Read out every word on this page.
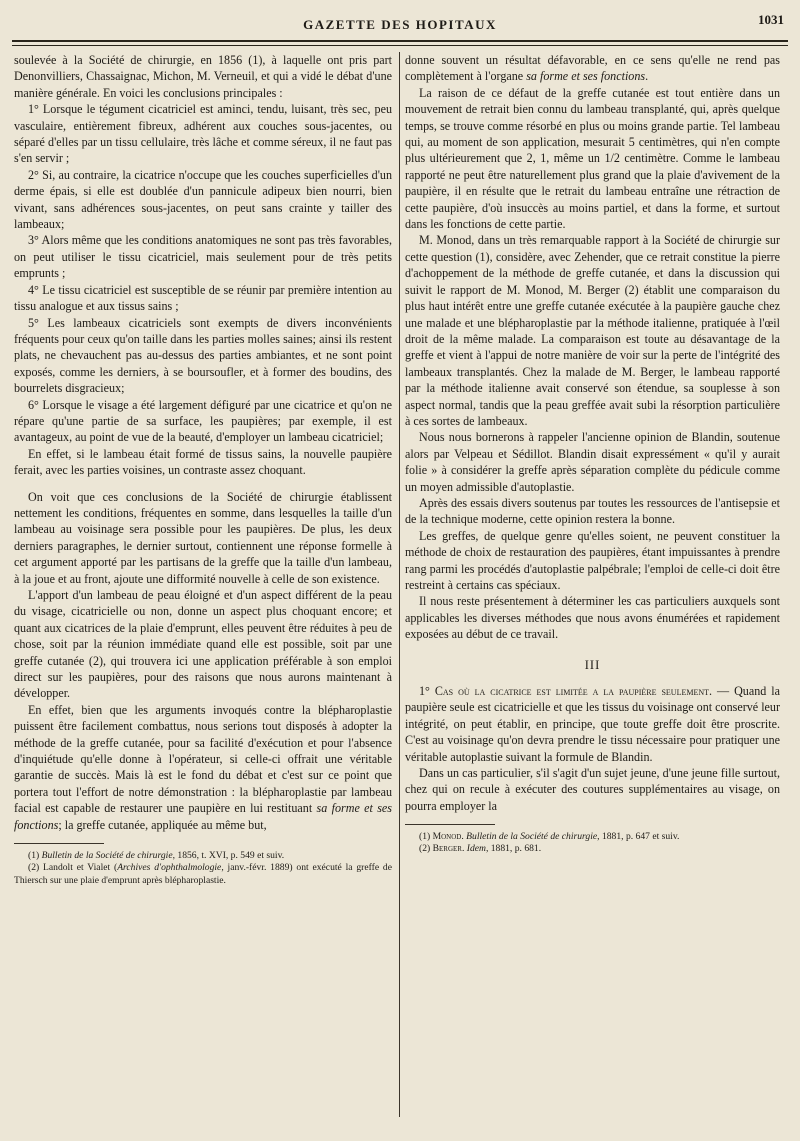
GAZETTE DES HOPITAUX	1031

soulevée à la Société de chirurgie, en 1856 (1), à laquelle ont pris part Denonvilliers, Chassaignac, Michon, M. Verneuil, et qui a vidé le débat d'une manière générale. En voici les conclusions principales :

1° Lorsque le tégument cicatriciel est aminci, tendu, luisant, très sec, peu vasculaire, entièrement fibreux, adhérent aux couches sous-jacentes, ou séparé d'elles par un tissu cellulaire, très lâche et comme séreux, il ne faut pas s'en servir ;

2° Si, au contraire, la cicatrice n'occupe que les couches superficielles d'un derme épais, si elle est doublée d'un pannicule adipeux bien nourri, bien vivant, sans adhérences sous-jacentes, on peut sans crainte y tailler des lambeaux;

3° Alors même que les conditions anatomiques ne sont pas très favorables, on peut utiliser le tissu cicatriciel, mais seulement pour de très petits emprunts ;

4° Le tissu cicatriciel est susceptible de se réunir par première intention au tissu analogue et aux tissus sains ;

5° Les lambeaux cicatriciels sont exempts de divers inconvénients fréquents pour ceux qu'on taille dans les parties molles saines; ainsi ils restent plats, ne chevauchent pas au-dessus des parties ambiantes, et ne sont point exposés, comme les derniers, à se boursoufler, et à former des boudins, des bourrelets disgracieux;

6° Lorsque le visage a été largement défiguré par une cicatrice et qu'on ne répare qu'une partie de sa surface, les paupières; par exemple, il est avantageux, au point de vue de la beauté, d'employer un lambeau cicatriciel;

En effet, si le lambeau était formé de tissus sains, la nouvelle paupière ferait, avec les parties voisines, un contraste assez choquant.

On voit que ces conclusions de la Société de chirurgie établissent nettement les conditions, fréquentes en somme, dans lesquelles la taille d'un lambeau au voisinage sera possible pour les paupières. De plus, les deux derniers paragraphes, le dernier surtout, contiennent une réponse formelle à cet argument apporté par les partisans de la greffe que la taille d'un lambeau, à la joue et au front, ajoute une difformité nouvelle à celle de son existence.

L'apport d'un lambeau de peau éloigné et d'un aspect différent de la peau du visage, cicatricielle ou non, donne un aspect plus choquant encore; et quant aux cicatrices de la plaie d'emprunt, elles peuvent être réduites à peu de chose, soit par la réunion immédiate quand elle est possible, soit par une greffe cutanée (2), qui trouvera ici une application préférable à son emploi direct sur les paupières, pour des raisons que nous aurons maintenant à développer.

En effet, bien que les arguments invoqués contre la blépharoplastie puissent être facilement combattus, nous serions tout disposés à adopter la méthode de la greffe cutanée, pour sa facilité d'exécution et pour l'absence d'inquiétude qu'elle donne à l'opérateur, si celle-ci offrait une véritable garantie de succès. Mais là est le fond du débat et c'est sur ce point que portera tout l'effort de notre démonstration : la blépharoplastie par lambeau facial est capable de restaurer une paupière en lui restituant sa forme et ses fonctions; la greffe cutanée, appliquée au même but,

(1) Bulletin de la Société de chirurgie, 1856, t. XVI, p. 549 et suiv.

(2) Landolt et Vialet (Archives d'ophthalmologie, janv.-févr. 1889) ont exécuté la greffe de Thiersch sur une plaie d'emprunt après blépharoplastie.

donne souvent un résultat défavorable, en ce sens qu'elle ne rend pas complètement à l'organe sa forme et ses fonctions.

La raison de ce défaut de la greffe cutanée est tout entière dans un mouvement de retrait bien connu du lambeau transplanté, qui, après quelque temps, se trouve comme résorbé en plus ou moins grande partie. Tel lambeau qui, au moment de son application, mesurait 5 centimètres, qui n'en compte plus ultérieurement que 2, 1, même un 1/2 centimètre. Comme le lambeau rapporté ne peut être naturellement plus grand que la plaie d'avivement de la paupière, il en résulte que le retrait du lambeau entraîne une rétraction de cette paupière, d'où insuccès au moins partiel, et dans la forme, et surtout dans les fonctions de cette partie.

M. Monod, dans un très remarquable rapport à la Société de chirurgie sur cette question (1), considère, avec Zehender, que ce retrait constitue la pierre d'achoppement de la méthode de greffe cutanée, et dans la discussion qui suivit le rapport de M. Monod, M. Berger (2) établit une comparaison du plus haut intérêt entre une greffe cutanée exécutée à la paupière gauche chez une malade et une blépharoplastie par la méthode italienne, pratiquée à l'œil droit de la même malade. La comparaison est toute au désavantage de la greffe et vient à l'appui de notre manière de voir sur la perte de l'intégrité des lambeaux transplantés. Chez la malade de M. Berger, le lambeau rapporté par la méthode italienne avait conservé son étendue, sa souplesse à son aspect normal, tandis que la peau greffée avait subi la résorption particulière à ces sortes de lambeaux.

Nous nous bornerons à rappeler l'ancienne opinion de Blandin, soutenue alors par Velpeau et Sédillot. Blandin disait expressément « qu'il y aurait folie » à considérer la greffe après séparation complète du pédicule comme un moyen admissible d'autoplastie.

Après des essais divers soutenus par toutes les ressources de l'antisepsie et de la technique moderne, cette opinion restera la bonne.

Les greffes, de quelque genre qu'elles soient, ne peuvent constituer la méthode de choix de restauration des paupières, étant impuissantes à prendre rang parmi les procédés d'autoplastie palpébrale; l'emploi de celle-ci doit être restreint à certains cas spéciaux.

Il nous reste présentement à déterminer les cas particuliers auxquels sont applicables les diverses méthodes que nous avons énumérées et rapidement exposées au début de ce travail.

III

1° Cas où la cicatrice est limitée a la paupière seulement. — Quand la paupière seule est cicatricielle et que les tissus du voisinage ont conservé leur intégrité, on peut établir, en principe, que toute greffe doit être proscrite. C'est au voisinage qu'on devra prendre le tissu nécessaire pour pratiquer une véritable autoplastie suivant la formule de Blandin.

Dans un cas particulier, s'il s'agit d'un sujet jeune, d'une jeune fille surtout, chez qui on recule à exécuter des coutures supplémentaires au visage, on pourra employer la

(1) Monod. Bulletin de la Société de chirurgie, 1881, p. 647 et suiv.

(2) Berger. Idem, 1881, p. 681.
